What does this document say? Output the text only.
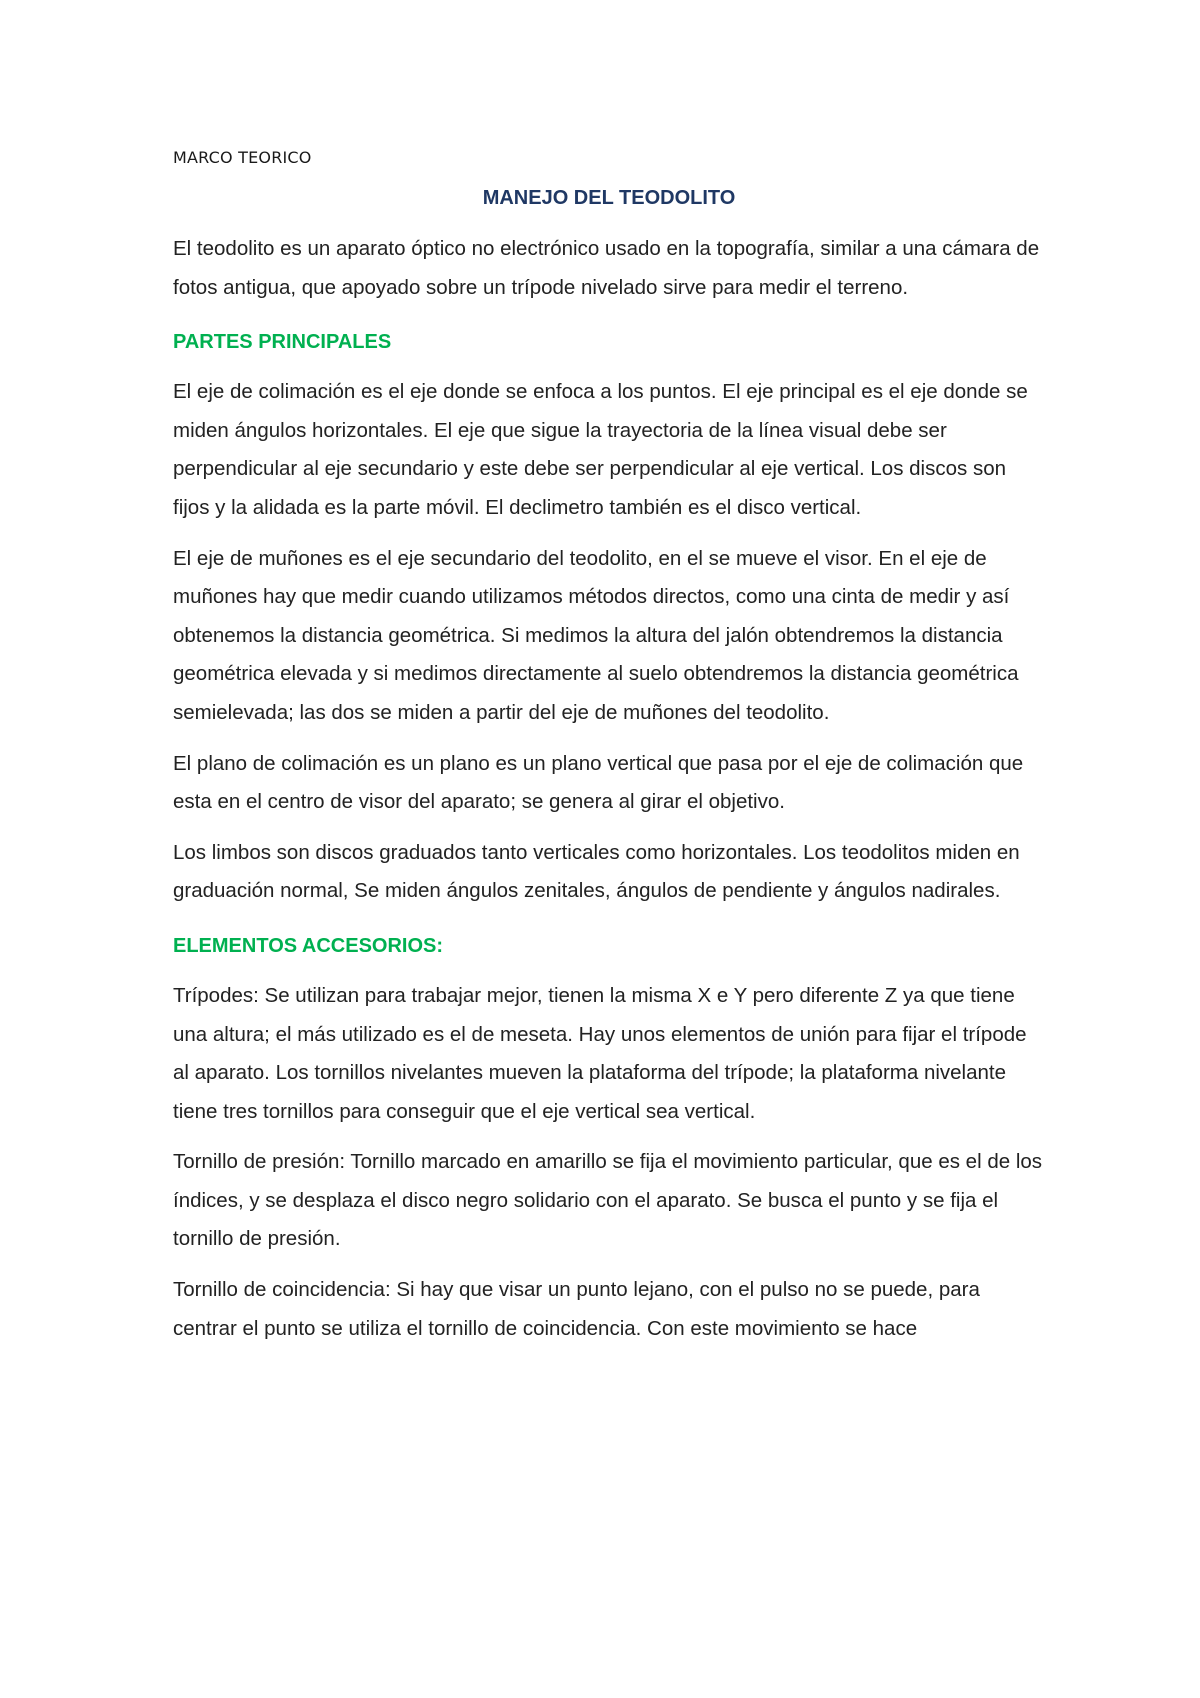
MARCO TEORICO
MANEJO DEL TEODOLITO

El teodolito es un aparato óptico no electrónico usado en la topografía, similar a una cámara de fotos antigua, que apoyado sobre un trípode nivelado sirve para medir el terreno.

PARTES PRINCIPALES

El eje de colimación es el eje donde se enfoca a los puntos. El eje principal es el eje donde se miden ángulos horizontales. El eje que sigue la trayectoria de la línea visual debe ser perpendicular al eje secundario y este debe ser perpendicular al eje vertical. Los discos son fijos y la alidada es la parte móvil. El declimetro también es el disco vertical.

El eje de muñones es el eje secundario del teodolito, en el se mueve el visor. En el eje de muñones hay que medir cuando utilizamos métodos directos, como una cinta de medir y así obtenemos la distancia geométrica. Si medimos la altura del jalón obtendremos la distancia geométrica elevada y si medimos directamente al suelo obtendremos la distancia geométrica semielevada; las dos se miden a partir del eje de muñones del teodolito.

El plano de colimación es un plano es un plano vertical que pasa por el eje de colimación que esta en el centro de visor del aparato; se genera al girar el objetivo.

Los limbos son discos graduados tanto verticales como horizontales. Los teodolitos miden en graduación normal, Se miden ángulos zenitales, ángulos de pendiente y ángulos nadirales.

ELEMENTOS ACCESORIOS:

Trípodes: Se utilizan para trabajar mejor, tienen la misma X e Y pero diferente Z ya que tiene una altura; el más utilizado es el de meseta. Hay unos elementos de unión para fijar el trípode al aparato. Los tornillos nivelantes mueven la plataforma del trípode; la plataforma nivelante tiene tres tornillos para conseguir que el eje vertical sea vertical.

Tornillo de presión: Tornillo marcado en amarillo se fija el movimiento particular, que es el de los índices, y se desplaza el disco negro solidario con el aparato. Se busca el punto y se fija el tornillo de presión.

Tornillo de coincidencia: Si hay que visar un punto lejano, con el pulso no se puede, para centrar el punto se utiliza el tornillo de coincidencia. Con este movimiento se hace
